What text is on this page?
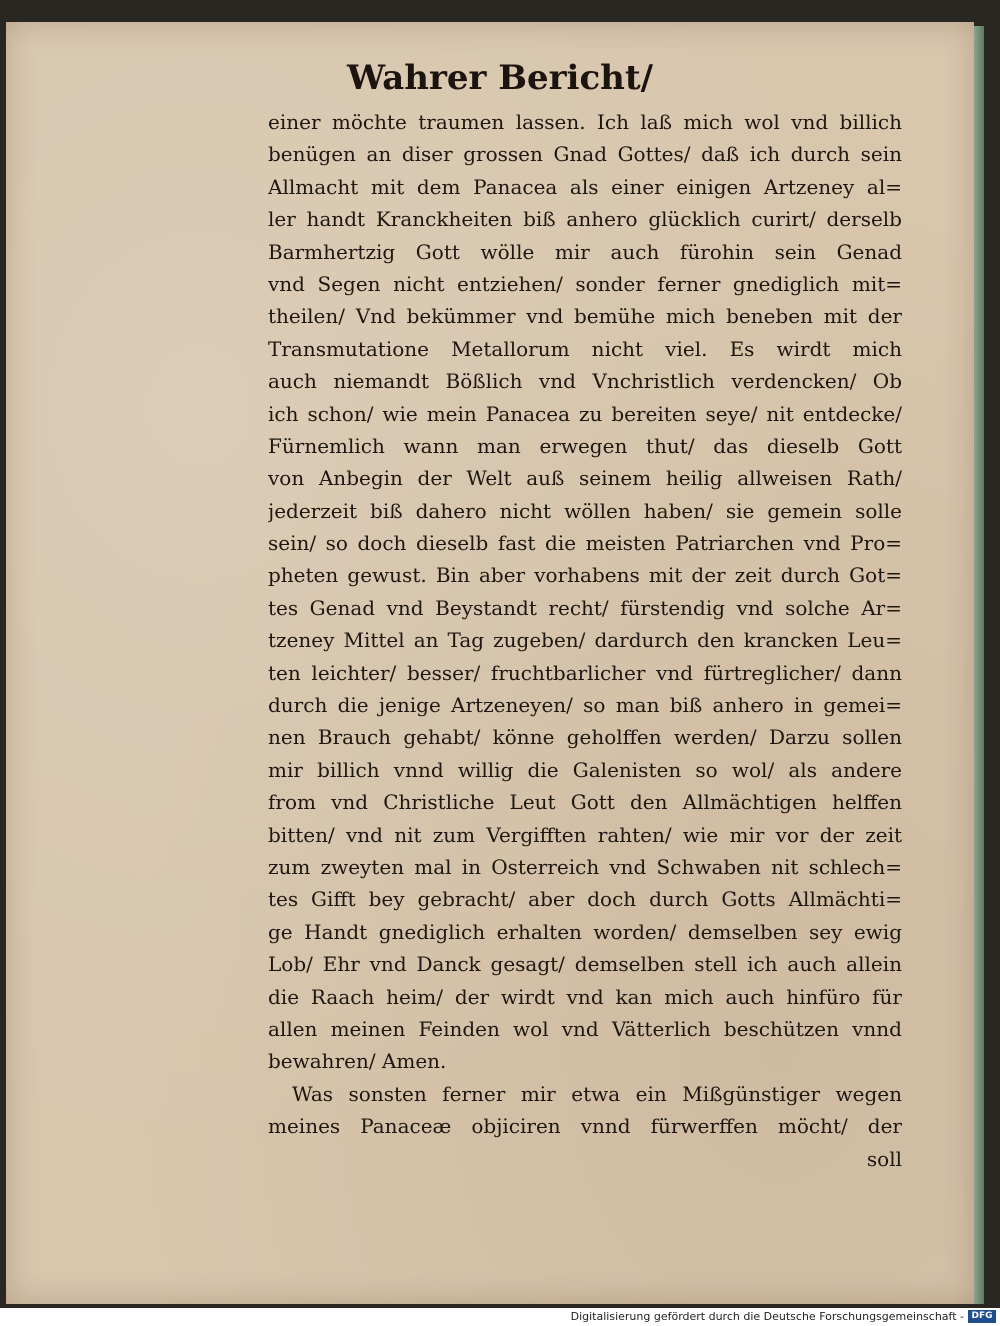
Wahrer Bericht/
einer möchte traumen lassen. Ich laß mich wol vnd billich
benügen an diser grossen Gnad Gottes/ daß ich durch sein
Allmacht mit dem Panacea als einer einigen Artzeney al=
ler handt Kranckheiten biß anhero glücklich curirt/ derselb
Barmhertzig Gott wölle mir auch fürohin sein Genad
vnd Segen nicht entziehen/ sonder ferner gnediglich mit=
theilen/ Vnd bekümmer vnd bemühe mich beneben mit der
Transmutatione Metallorum nicht viel. Es wirdt mich
auch niemandt Bößlich vnd Vnchristlich verdencken/ Ob
ich schon/ wie mein Panacea zu bereiten seye/ nit entdecke/
Fürnemlich wann man erwegen thut/ das dieselb Gott
von Anbegin der Welt auß seinem heilig allweisen Rath/
jederzeit biß dahero nicht wöllen haben/ sie gemein solle
sein/ so doch dieselb fast die meisten Patriarchen vnd Pro=
pheten gewust. Bin aber vorhabens mit der zeit durch Got=
tes Genad vnd Beystandt recht/ fürstendig vnd solche Ar=
tzeney Mittel an Tag zugeben/ dardurch den krancken Leu=
ten leichter/ besser/ fruchtbarlicher vnd fürtreglicher/ dann
durch die jenige Artzeneyen/ so man biß anhero in gemei=
nen Brauch gehabt/ könne geholffen werden/ Darzu sollen
mir billich vnnd willig die Galenisten so wol/ als andere
from vnd Christliche Leut Gott den Allmächtigen helffen
bitten/ vnd nit zum Vergifften rahten/ wie mir vor der zeit
zum zweyten mal in Osterreich vnd Schwaben nit schlech=
tes Gifft bey gebracht/ aber doch durch Gotts Allmächti=
ge Handt gnediglich erhalten worden/ demselben sey ewig
Lob/ Ehr vnd Danck gesagt/ demselben stell ich auch allein
die Raach heim/ der wirdt vnd kan mich auch hinfüro für
allen meinen Feinden wol vnd Vätterlich beschützen vnnd
bewahren/ Amen.
Was sonsten ferner mir etwa ein Mißgünstiger wegen
meines Panaceæ objiciren vnnd fürwerffen möcht/ der
soll
Digitalisierung gefördert durch die Deutsche Forschungsgemeinschaft - DFG
